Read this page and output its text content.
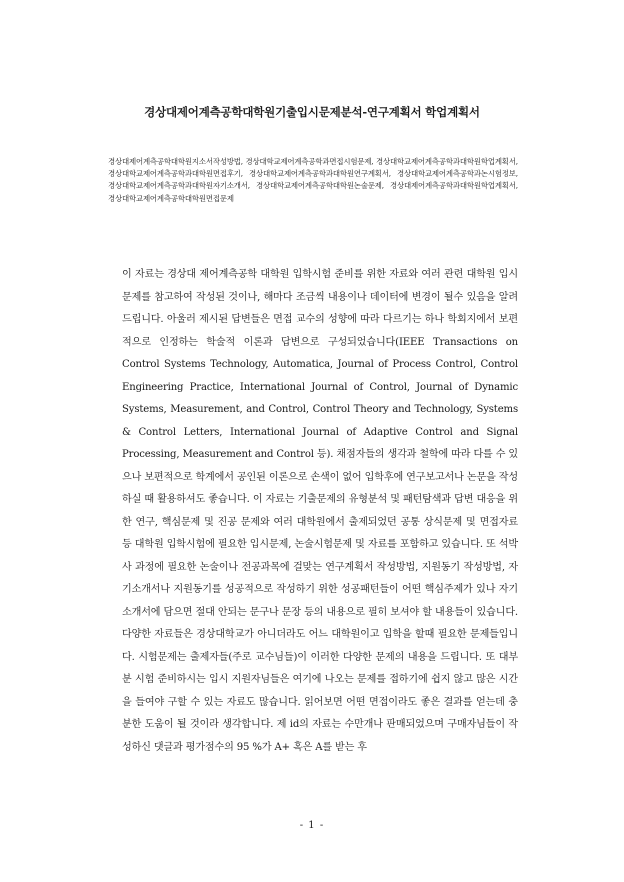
경상대제어계측공학대학원기출입시문제분석-연구계획서 학업계획서

경상대제어계측공학대학원지소서작성방법, 경상대학교제어계측공학과면접시험문제, 경상대학교제어계측공학과대학원학업계획서, 경상대학교제어계측공학과대학원면접후기, 경상대학교제어계측공학과대학원연구계획서, 경상대학교제어계측공학과논시험정보, 경상대학교제어계측공학과대학원자기소개서, 경상대학교제어계측공학대학원논술문제, 경상대제어계측공학과대학원학업계획서, 경상대학교제어계측공학대학원면접문제

이 자료는 경상대 제어계측공학 대학원 입학시험 준비를 위한 자료와 여러 관련 대학원 입시 문제를 참고하여 작성된 것이나, 해마다 조금씩 내용이나 데이터에 변경이 될수 있음을 알려 드립니다. 아울러 제시된 답변들은 면접 교수의 성향에 따라 다르기는 하나 학회지에서 보편적으로 인정하는 학술적 이론과 답변으로 구성되었습니다(IEEE Transactions on Control Systems Technology, Automatica, Journal of Process Control, Control Engineering Practice, International Journal of Control, Journal of Dynamic Systems, Measurement, and Control, Control Theory and Technology, Systems & Control Letters, International Journal of Adaptive Control and Signal Processing, Measurement and Control 등). 채점자들의 생각과 철학에 따라 다를 수 있으나 보편적으로 학계에서 공인된 이론으로 손색이 없어 입학후에 연구보고서나 논문을 작성하실 때 활용하셔도 좋습니다. 이 자료는 기출문제의 유형분석 및 패턴탐색과 답변 대응을 위한 연구, 핵심문제 및 진공 문제와 여러 대학원에서 출제되었던 공통 상식문제 및 면접자료 등 대학원 입학시험에 필요한 입시문제, 논술시험문제 및 자료를 포함하고 있습니다. 또 석박사 과정에 필요한 논술이나 전공과목에 걸맞는 연구계획서 작성방법, 지원동기 작성방법, 자기소개서나 지원동기를 성공적으로 작성하기 위한 성공패턴들이 어떤 핵심주제가 있나 자기소개서에 담으면 절대 안되는 문구나 문장 등의 내용으로 필히 보셔야 할 내용들이 있습니다. 다양한 자료들은 경상대학교가 아니더라도 어느 대학원이고 입학을 할때 필요한 문제들입니다. 시험문제는 출제자들(주로 교수님들)이 이러한 다양한 문제의 내용을 드립니다. 또 대부분 시험 준비하시는 입시 지원자님들은 여기에 나오는 문제를 접하기에 쉽지 않고 많은 시간을 들여야 구할 수 있는 자료도 많습니다. 읽어보면 어떤 면접이라도 좋은 결과를 얻는데 충분한 도움이 될 것이라 생각합니다. 제 id의 자료는 수만개나 판매되었으며 구매자님들이 작성하신 댓글과 평가점수의 95 %가 A+ 혹은 A를 받는 후

- 1 -
